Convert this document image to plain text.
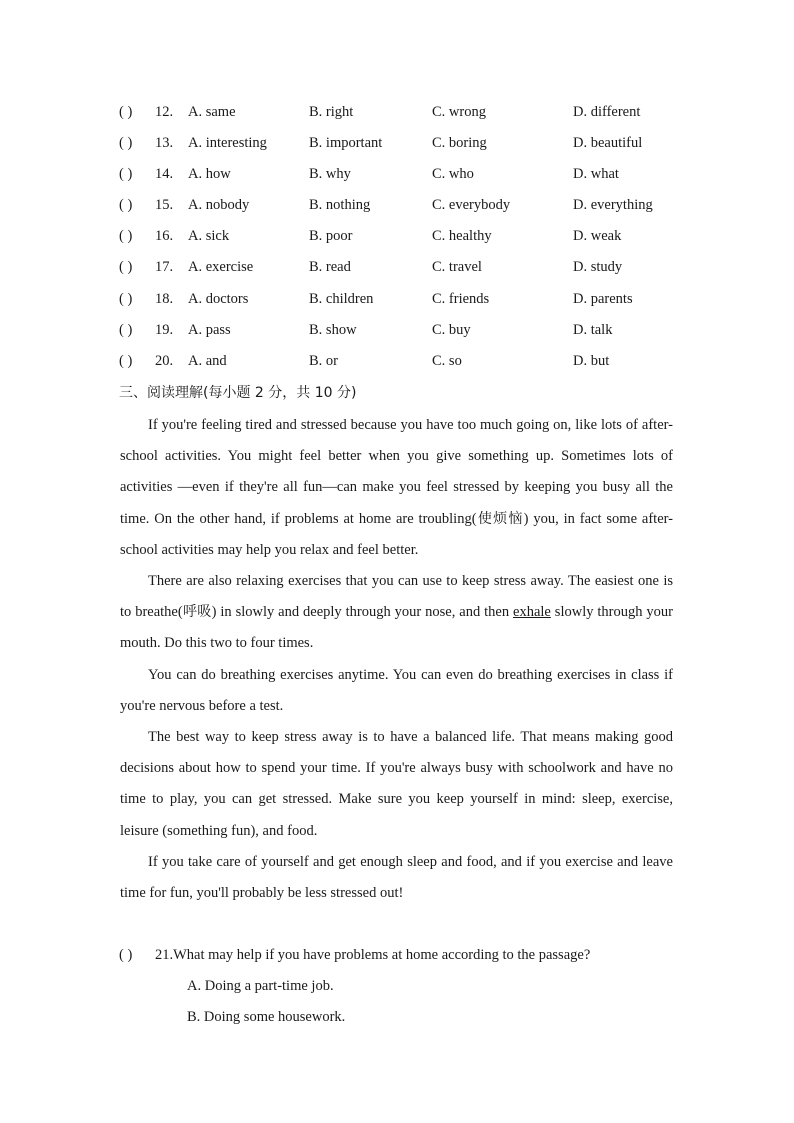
( ) 12. A. same	B. right	C. wrong	D. different
( ) 13. A. interesting	B. important	C. boring	D. beautiful
( ) 14. A. how	B. why	C. who	D. what
( ) 15. A. nobody	B. nothing	C. everybody	D. everything
( ) 16. A. sick	B. poor	C. healthy	D. weak
( ) 17. A. exercise	B. read	C. travel	D. study
( ) 18. A. doctors	B. children	C. friends	D. parents
( ) 19. A. pass	B. show	C. buy	D. talk
( ) 20. A. and	B. or	C. so	D. but
三、阅读理解(每小题 2 分，共 10 分)

If you're feeling tired and stressed because you have too much going on, like lots of after-school activities. You might feel better when you give something up. Sometimes lots of activities —even if they're all fun—can make you feel stressed by keeping you busy all the time. On the other hand, if problems at home are troubling(使烦恼) you, in fact some after-school activities may help you relax and feel better.

There are also relaxing exercises that you can use to keep stress away. The easiest one is to breathe(呼吸) in slowly and deeply through your nose, and then exhale slowly through your mouth. Do this two to four times.

You can do breathing exercises anytime. You can even do breathing exercises in class if you're nervous before a test.

The best way to keep stress away is to have a balanced life. That means making good decisions about how to spend your time. If you're always busy with schoolwork and have no time to play, you can get stressed. Make sure you keep yourself in mind: sleep, exercise, leisure (something fun), and food.

If you take care of yourself and get enough sleep and food, and if you exercise and leave time for fun, you'll probably be less stressed out!

( ) 21.What may help if you have problems at home according to the passage?
A. Doing a part-time job.
B. Doing some housework.
